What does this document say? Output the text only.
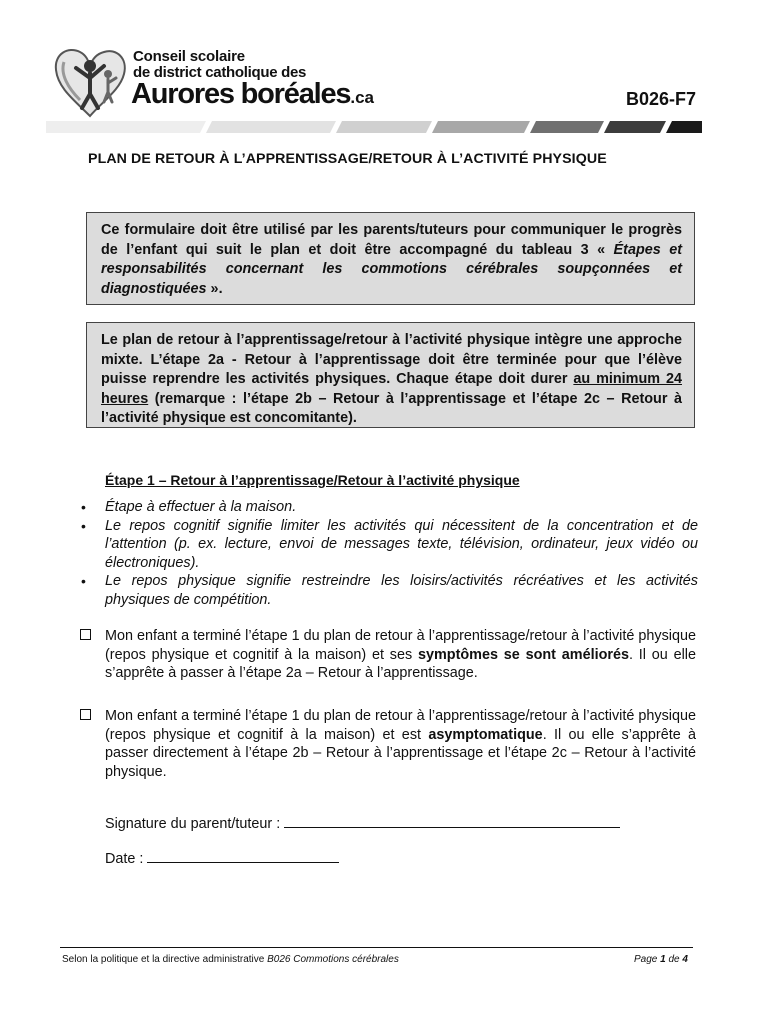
Conseil scolaire
de district catholique des
Aurores boréales.ca	B026-F7
PLAN DE RETOUR À L’APPRENTISSAGE/RETOUR À L’ACTIVITÉ PHYSIQUE
Ce formulaire doit être utilisé par les parents/tuteurs pour communiquer le progrès de l’enfant qui suit le plan et doit être accompagné du tableau 3 « Étapes et responsabilités concernant les commotions cérébrales soupçonnées et diagnostiquées ».
Le plan de retour à l’apprentissage/retour à l’activité physique intègre une approche mixte. L’étape 2a - Retour à l’apprentissage doit être terminée pour que l’élève puisse reprendre les activités physiques. Chaque étape doit durer au minimum 24 heures (remarque : l’étape 2b – Retour à l’apprentissage et l’étape 2c – Retour à l’activité physique est concomitante).
Étape 1 – Retour à l’apprentissage/Retour à l’activité physique
• Étape à effectuer à la maison.
• Le repos cognitif signifie limiter les activités qui nécessitent de la concentration et de l’attention (p. ex. lecture, envoi de messages texte, télévision, ordinateur, jeux vidéo ou électroniques).
• Le repos physique signifie restreindre les loisirs/activités récréatives et les activités physiques de compétition.
Mon enfant a terminé l’étape 1 du plan de retour à l’apprentissage/retour à l’activité physique (repos physique et cognitif à la maison) et ses symptômes se sont améliorés. Il ou elle s’apprête à passer à l’étape 2a – Retour à l’apprentissage.
Mon enfant a terminé l’étape 1 du plan de retour à l’apprentissage/retour à l’activité physique (repos physique et cognitif à la maison) et est asymptomatique. Il ou elle s’apprête à passer directement à l’étape 2b – Retour à l’apprentissage et l’étape 2c – Retour à l’activité physique.
Signature du parent/tuteur :
Date :
Selon la politique et la directive administrative B026 Commotions cérébrales	Page 1 de 4
